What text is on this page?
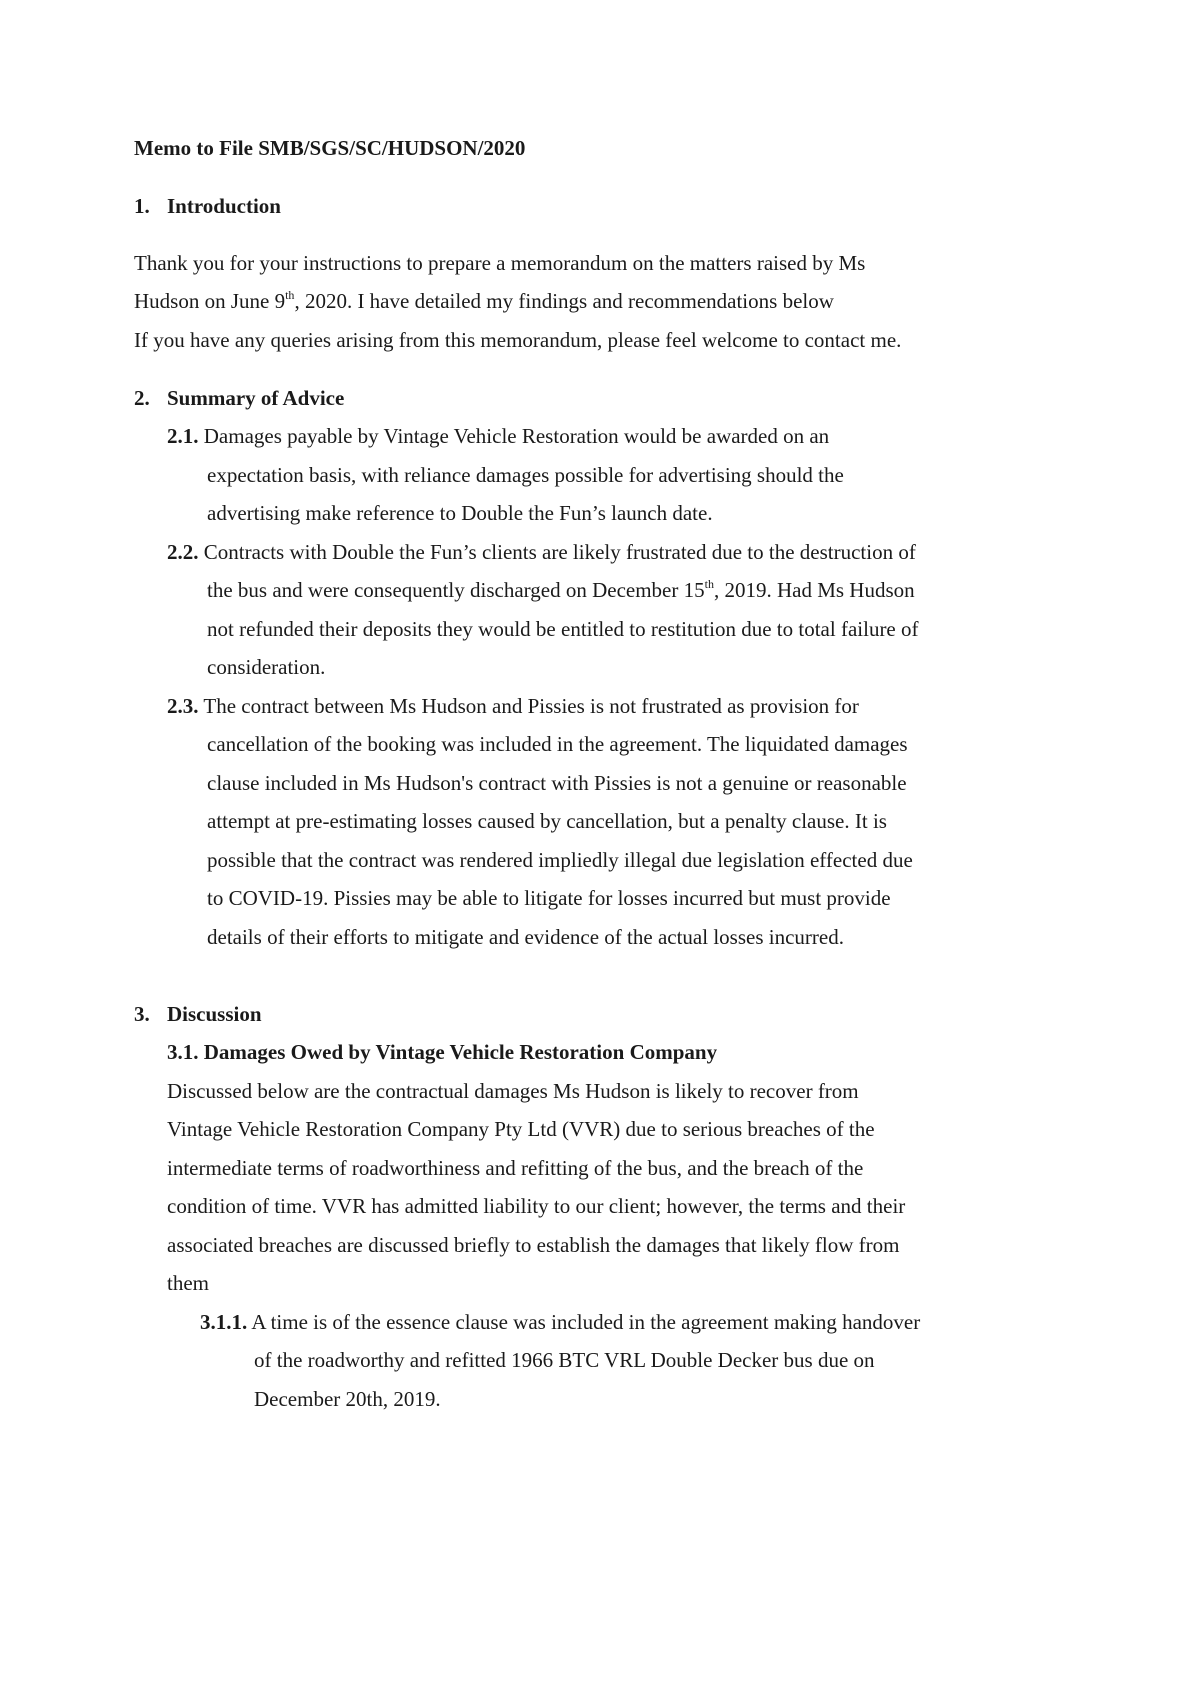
Memo to File SMB/SGS/SC/HUDSON/2020
1. Introduction
Thank you for your instructions to prepare a memorandum on the matters raised by Ms
Hudson on June 9th, 2020. I have detailed my findings and recommendations below
If you have any queries arising from this memorandum, please feel welcome to contact me.
2. Summary of Advice
2.1. Damages payable by Vintage Vehicle Restoration would be awarded on an
expectation basis, with reliance damages possible for advertising should the
advertising make reference to Double the Fun’s launch date.
2.2. Contracts with Double the Fun’s clients are likely frustrated due to the destruction of
the bus and were consequently discharged on December 15th, 2019. Had Ms Hudson
not refunded their deposits they would be entitled to restitution due to total failure of
consideration.
2.3. The contract between Ms Hudson and Pissies is not frustrated as provision for
cancellation of the booking was included in the agreement. The liquidated damages
clause included in Ms Hudson's contract with Pissies is not a genuine or reasonable
attempt at pre-estimating losses caused by cancellation, but a penalty clause. It is
possible that the contract was rendered impliedly illegal due legislation effected due
to COVID-19. Pissies may be able to litigate for losses incurred but must provide
details of their efforts to mitigate and evidence of the actual losses incurred.
3. Discussion
3.1. Damages Owed by Vintage Vehicle Restoration Company
Discussed below are the contractual damages Ms Hudson is likely to recover from
Vintage Vehicle Restoration Company Pty Ltd (VVR) due to serious breaches of the
intermediate terms of roadworthiness and refitting of the bus, and the breach of the
condition of time. VVR has admitted liability to our client; however, the terms and their
associated breaches are discussed briefly to establish the damages that likely flow from
them
3.1.1. A time is of the essence clause was included in the agreement making handover
of the roadworthy and refitted 1966 BTC VRL Double Decker bus due on
December 20th, 2019.
